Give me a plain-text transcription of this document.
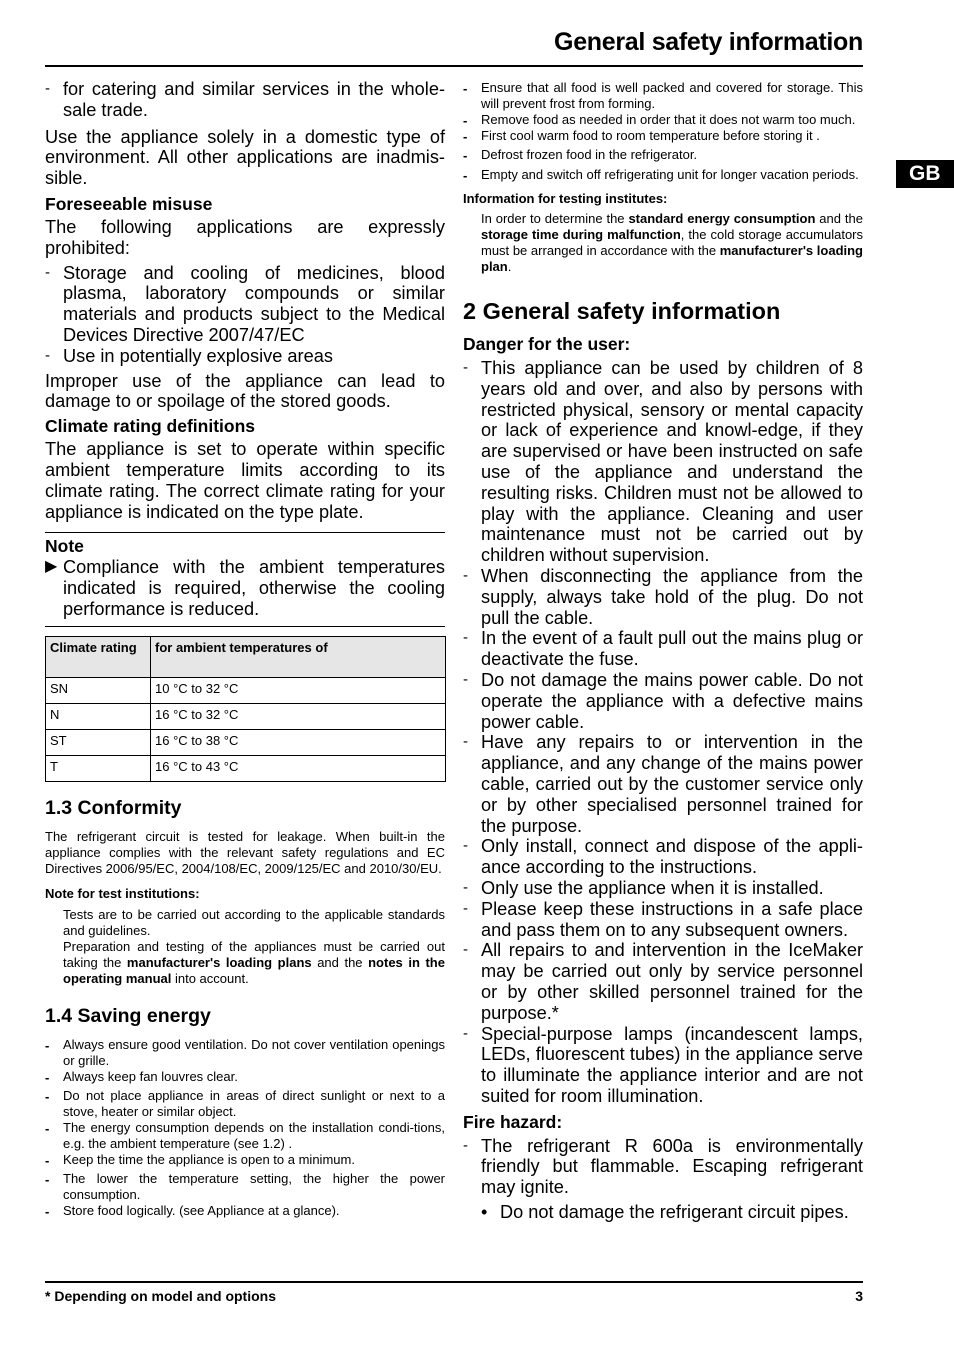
General safety information
GB
- for catering and similar services in the whole-sale trade.

Use the appliance solely in a domestic type of environment. All other applications are inadmis-sible.

Foreseeable misuse

The following applications are expressly prohibited:

- Storage and cooling of medicines, blood plasma, laboratory compounds or similar materials and products subject to the Medical Devices Directive 2007/47/EC
- Use in potentially explosive areas

Improper use of the appliance can lead to damage to or spoilage of the stored goods.

Climate rating definitions

The appliance is set to operate within specific ambient temperature limits according to its climate rating. The correct climate rating for your appliance is indicated on the type plate.

Note

▶ Compliance with the ambient temperatures indicated is required, otherwise the cooling performance is reduced.
Climate rating	for ambient temperatures of
SN	10 °C to 32 °C
N	16 °C to 32 °C
ST	16 °C to 38 °C
T	16 °C to 43 °C

1.3 Conformity

The refrigerant circuit is tested for leakage. When built-in the appliance complies with the relevant safety regulations and EC Directives 2006/95/EC, 2004/108/EC, 2009/125/EC and 2010/30/EU.

Note for test institutions:

Tests are to be carried out according to the applicable standards and guidelines.
Preparation and testing of the appliances must be carried out taking the manufacturer's loading plans and the notes in the operating manual into account.

1.4 Saving energy

- Always ensure good ventilation. Do not cover ventilation openings or grille.
- Always keep fan louvres clear.
- Do not place appliance in areas of direct sunlight or next to a stove, heater or similar object.
- The energy consumption depends on the installation condi-tions, e.g. the ambient temperature (see 1.2) .
- Keep the time the appliance is open to a minimum.
- The lower the temperature setting, the higher the power consumption.
- Store food logically. (see Appliance at a glance).
- Ensure that all food is well packed and covered for storage. This will prevent frost from forming.
- Remove food as needed in order that it does not warm too much.
- First cool warm food to room temperature before storing it .
- Defrost frozen food in the refrigerator.
- Empty and switch off refrigerating unit for longer vacation periods.

Information for testing institutes:

In order to determine the standard energy consumption and the storage time during malfunction, the cold storage accumulators must be arranged in accordance with the manufacturer's loading plan.

2 General safety information

Danger for the user:

- This appliance can be used by children of 8 years old and over, and also by persons with restricted physical, sensory or mental capacity or lack of experience and knowl-edge, if they are supervised or have been instructed on safe use of the appliance and understand the resulting risks. Children must not be allowed to play with the appliance. Cleaning and user maintenance must not be carried out by children without supervision.
- When disconnecting the appliance from the supply, always take hold of the plug. Do not pull the cable.
- In the event of a fault pull out the mains plug or deactivate the fuse.
- Do not damage the mains power cable. Do not operate the appliance with a defective mains power cable.
- Have any repairs to or intervention in the appliance, and any change of the mains power cable, carried out by the customer service only or by other specialised personnel trained for the purpose.
- Only install, connect and dispose of the appli-ance according to the instructions.
- Only use the appliance when it is installed.
- Please keep these instructions in a safe place and pass them on to any subsequent owners.
- All repairs to and intervention in the IceMaker may be carried out only by service personnel or by other skilled personnel trained for the purpose.*
- Special-purpose lamps (incandescent lamps, LEDs, fluorescent tubes) in the appliance serve to illuminate the appliance interior and are not suited for room illumination.

Fire hazard:

- The refrigerant R 600a is environmentally friendly but flammable. Escaping refrigerant may ignite.
• Do not damage the refrigerant circuit pipes.
* Depending on model and options	3
